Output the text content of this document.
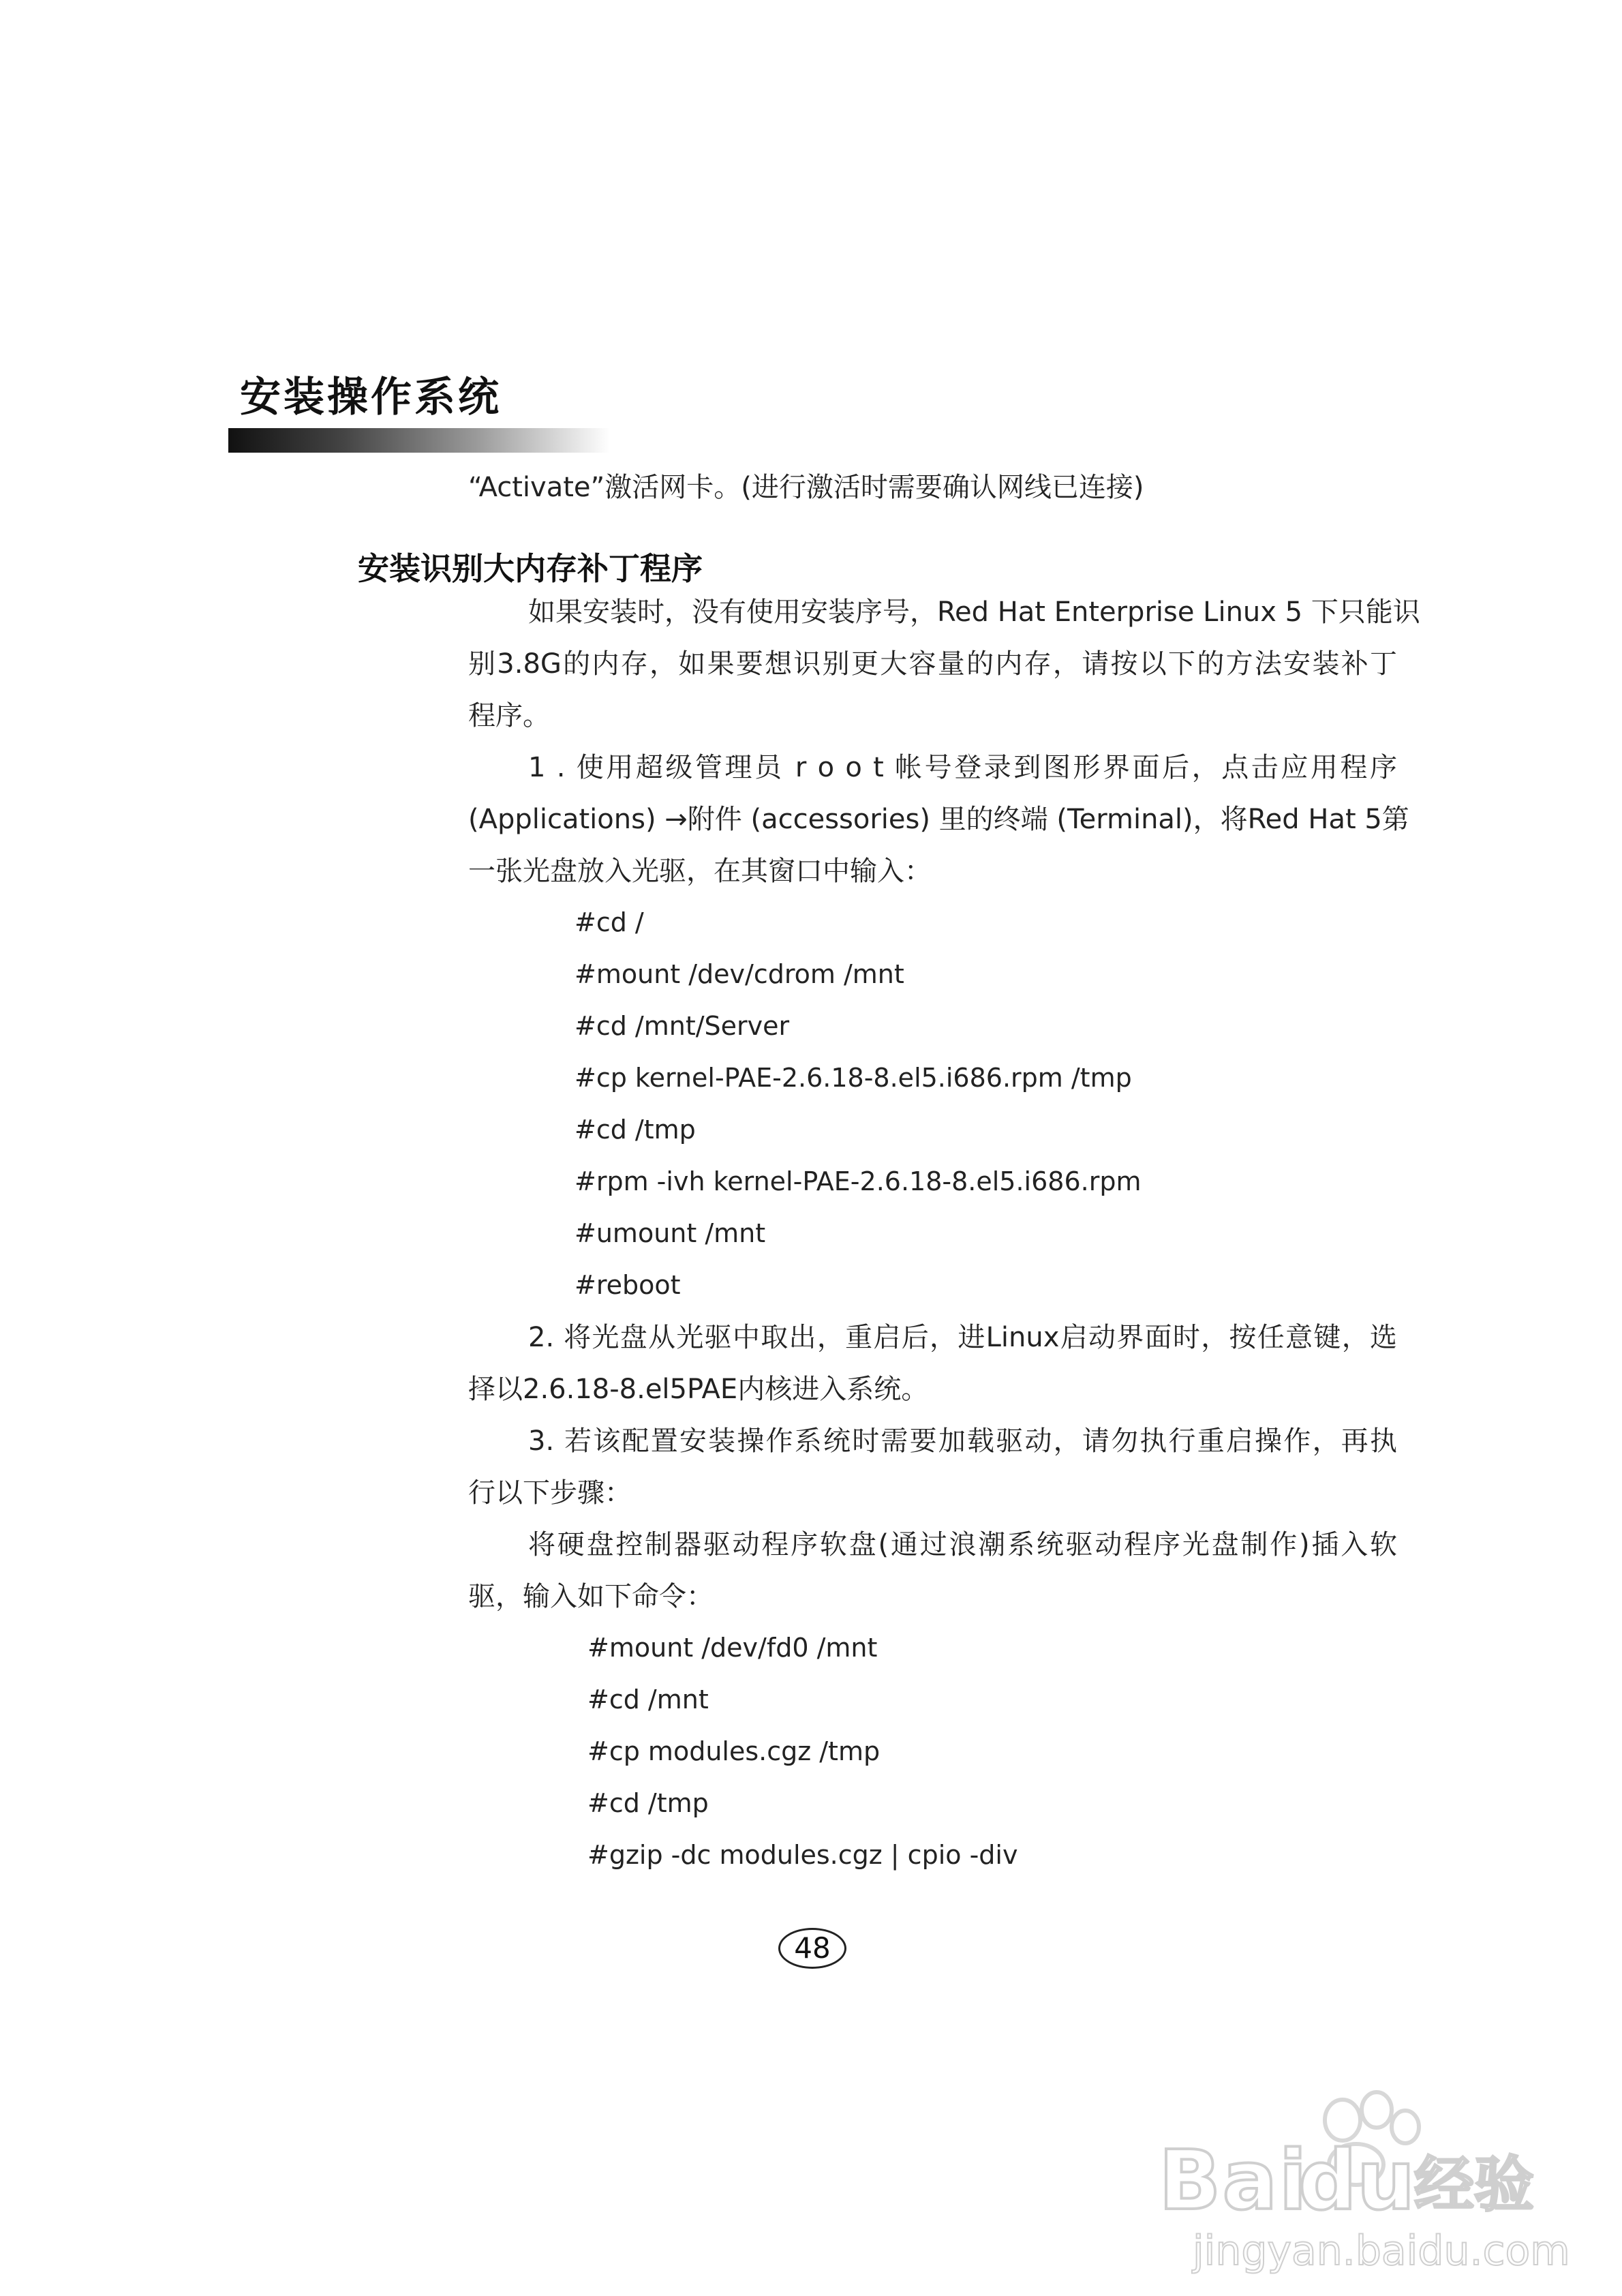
安装操作系统
“Activate”激活网卡。(进行激活时需要确认网线已连接)
安装识别大内存补丁程序
如果安装时，没有使用安装序号，Red Hat Enterprise Linux 5 下只能识
别3.8G的内存，如果要想识别更大容量的内存，请按以下的方法安装补丁
程序。
1 . 使用超级管理员 r o o t 帐号登录到图形界面后，点击应用程序
(Applications) →附件 (accessories) 里的终端 (Terminal)，将Red Hat 5第
一张光盘放入光驱，在其窗口中输入：
#cd /
#mount /dev/cdrom /mnt
#cd /mnt/Server
#cp kernel-PAE-2.6.18-8.el5.i686.rpm /tmp
#cd /tmp
#rpm -ivh kernel-PAE-2.6.18-8.el5.i686.rpm
#umount /mnt
#reboot
2. 将光盘从光驱中取出，重启后，进Linux启动界面时，按任意键，选
择以2.6.18-8.el5PAE内核进入系统。
3. 若该配置安装操作系统时需要加载驱动，请勿执行重启操作，再执
行以下步骤：
将硬盘控制器驱动程序软盘(通过浪潮系统驱动程序光盘制作)插入软
驱，输入如下命令：
#mount /dev/fd0 /mnt
#cd /mnt
#cp modules.cgz /tmp
#cd /tmp
#gzip -dc modules.cgz | cpio -div
48
Bai
du
经验
jingyan.baidu.com
